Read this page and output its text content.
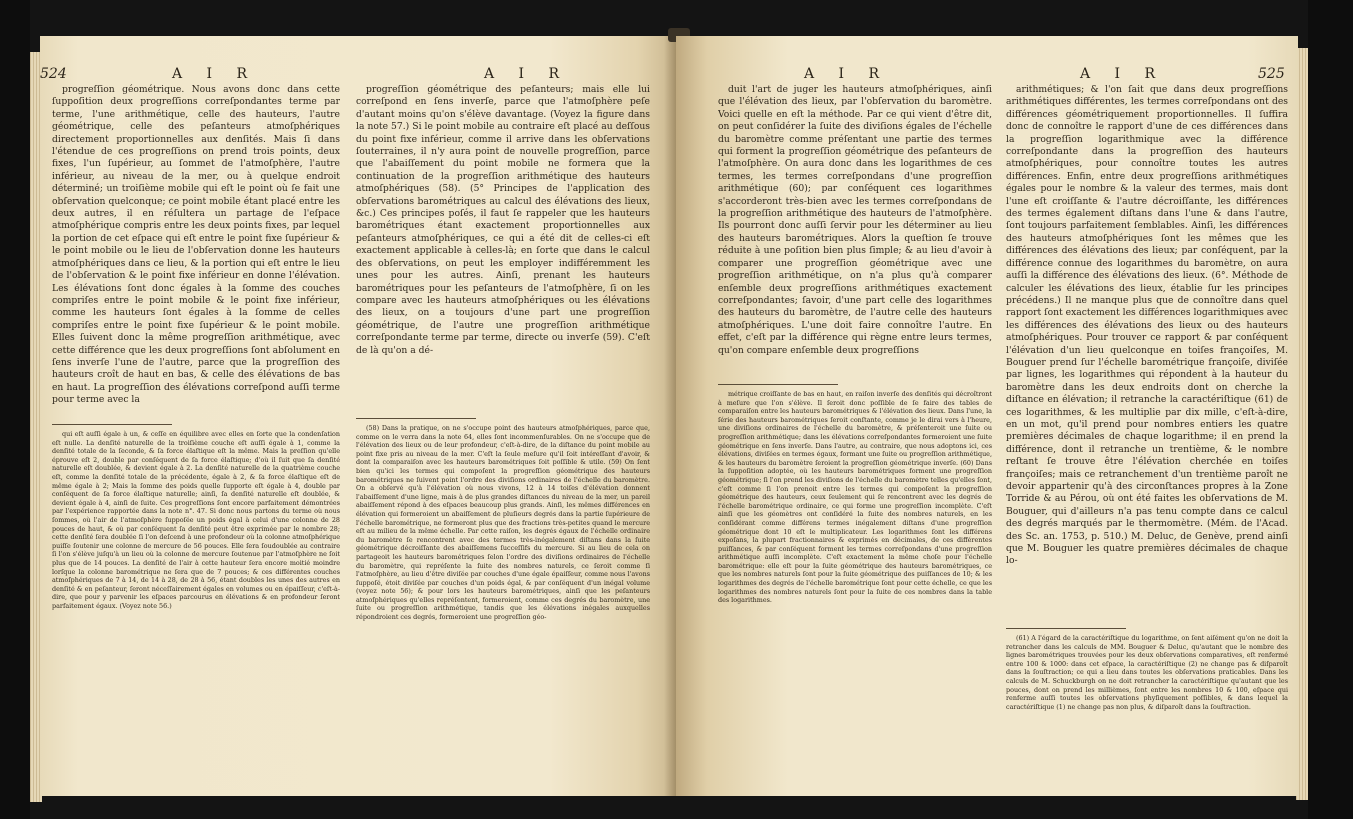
524	A I R	A I R

progreſſion géométrique. Nous avons donc dans cette ſuppoſition deux progreſſions correſpondantes terme par terme, l'une arithmétique, celle des hauteurs, l'autre géométrique, celle des peſanteurs atmoſphériques directement proportionnelles aux denſités. Mais ſi dans l'étendue de ces progreſſions on prend trois points, deux fixes, l'un ſupérieur, au ſommet de l'atmoſphère, l'autre inférieur, au niveau de la mer, ou à quelque endroit déterminé; un troiſième mobile qui eſt le point où ſe fait une obſervation quelconque; ce point mobile étant placé entre les deux autres, il en réſultera un partage de l'eſpace atmoſphérique compris entre les deux points fixes, par lequel la portion de cet eſpace qui eſt entre le point fixe ſupérieur & le point mobile ou le lieu de l'obſervation donne les hauteurs atmoſphériques dans ce lieu, & la portion qui eſt entre le lieu de l'obſervation & le point fixe inférieur en donne l'élévation. Les élévations ſont donc égales à la ſomme des couches compriſes entre le point mobile & le point fixe inférieur, comme les hauteurs ſont égales à la ſomme de celles compriſes entre le point fixe ſupérieur & le point mobile. Elles ſuivent donc la même progreſſion arithmétique, avec cette différence que les deux progreſſions ſont abſolument en ſens inverſe l'une de l'autre, parce que la progreſſion des hauteurs croît de haut en bas, & celle des élévations de bas en haut. La progreſſion des élévations correſpond auſſi terme pour terme avec la

qui eſt auſſi égale à un, & ceſſe en équilibre avec elles en ſorte que la condenſation eſt nulle. La denſité naturelle de la troiſième couche eſt auſſi égale à 1, comme la denſité totale de la ſeconde, & ſa force élaſtique eſt la même. Mais la preſſion qu'elle éprouve eſt 2, double par conſéquent de ſa force élaſtique; d'où il ſuit que ſa denſité naturelle eſt doublée, & devient égale à 2. La denſité naturelle de la quatrième couche eſt, comme la denſité totale de la précédente, égale à 2, & ſa force élaſtique eſt de même égale à 2; Mais la ſomme des poids quelle ſupporte eſt égale à 4, double par conſéquent de ſa force élaſtique naturelle; ainſi, ſa denſité naturelle eſt doublée, & devient égale à 4, ainſi de ſuite. Ces progreſſions ſont encore parfaitement démontrées par l'expérience rapportée dans la note n°. 47. Si donc nous partons du terme où nous ſommes, où l'air de l'atmoſphère ſuppoſée un poids égal à celui d'une colonne de 28 pouces de haut, & où par conſéquent ſa denſité peut être exprimée par le nombre 28; cette denſité ſera doublée ſi l'on deſcend à une profondeur où la colonne atmoſphérique puiſſe ſoutenir une colonne de mercure de 56 pouces. Elle ſera ſoudoublée au contraire ſi l'on s'élève juſqu'à un lieu où la colonne de mercure ſoutenue par l'atmoſphère ne ſoit plus que de 14 pouces. La denſité de l'air à cette hauteur ſera encore moitié moindre lorſque la colonne barométrique ne ſera que de 7 pouces; & ces différentes couches atmoſphériques de 7 à 14, de 14 à 28, de 28 à 56, étant doubles les unes des autres en denſité & en peſanteur, ſeront néceſſairement égales en volumes ou en épaiſſeur, c'eſt-à-dire, que pour y parvenir les eſpaces parcourus en élévations & en profondeur ſeront parfaitement égaux. (Voyez note 56.)

progreſſion géométrique des peſanteurs; mais elle lui correſpond en ſens inverſe, parce que l'atmoſphère peſe d'autant moins qu'on s'élève davantage. (Voyez la figure dans la note 57.) Si le point mobile au contraire eſt placé au deſſous du point fixe inférieur, comme il arrive dans les obſervations ſouterraines, il n'y aura point de nouvelle progreſſion, parce que l'abaiſſement du point mobile ne formera que la continuation de la progreſſion arithmétique des hauteurs atmoſphériques (58). (5° Principes de l'application des obſervations barométriques au calcul des élévations des lieux, &c.) Ces principes poſés, il faut ſe rappeler que les hauteurs barométriques étant exactement proportionnelles aux peſanteurs atmoſphériques, ce qui a été dit de celles-ci eſt exactement applicable à celles-là; en ſorte que dans le calcul des obſervations, on peut les employer indifféremment les unes pour les autres. Ainſi, prenant les hauteurs barométriques pour les peſanteurs de l'atmoſphère, ſi on les compare avec les hauteurs atmoſphériques ou les élévations des lieux, on a toujours d'une part une progreſſion géométrique, de l'autre une progreſſion arithmétique correſpondante terme par terme, directe ou inverſe (59). C'eſt de là qu'on a dé-

(58) Dans la pratique, on ne s'occupe point des hauteurs atmoſphériques, parce que, comme on le verra dans la note 64, elles ſont incommenſurables. On ne s'occupe que de l'élévation des lieux ou de leur profondeur, c'eſt-à-dire, de la diſtance du point mobile au point fixe pris au niveau de la mer. C'eſt la ſeule meſure qu'il ſoit intéreſſant d'avoir, & dont la comparaiſon avec les hauteurs barométriques ſoit poſſible & utile. (59) On ſent bien qu'ici les termes qui compoſent la progreſſion géométrique des hauteurs barométriques ne ſuivent point l'ordre des diviſions ordinaires de l'échelle du baromètre. On a obſervé qu'à l'élévation où nous vivons, 12 à 14 toiſes d'élévation donnent l'abaiſſement d'une ligne, mais à de plus grandes diſtances du niveau de la mer, un pareil abaiſſement répond à des eſpaces beaucoup plus grands. Ainſi, les mêmes différences en élévation qui formeroient un abaiſſement de pluſieurs degrés dans la partie ſupérieure de l'échelle barométrique, ne formeront plus que des fractions très-petites quand le mercure eſt au milieu de la même échelle. Par cette raiſon, les degrés égaux de l'échelle ordinaire du baromètre ſe rencontrent avec des termes très-inégalement diſtans dans la ſuite géométrique décroiſſante des abaiſſemens ſucceſſifs du mercure. Si au lieu de cela on partageoit les hauteurs barométriques ſelon l'ordre des diviſions ordinaires de l'échelle du baromètre, qui repréſente la ſuite des nombres naturels, ce ſeroit comme ſi l'atmoſphère, au lieu d'être diviſée par couches d'une égale épaiſſeur, comme nous l'avons ſuppoſé, étoit diviſée par couches d'un poids égal, & par conſéquent d'un inégal volume (voyez note 56); & pour lors les hauteurs barométriques, ainſi que les peſanteurs atmoſphériques qu'elles repréſentent, formeroient, comme ces degrés du baromètre, une ſuite ou progreſſion arithmétique, tandis que les élévations inégales auxquelles répondroient ces degrés, formeroient une progreſſion géo-

A I R	A I R	525

duit l'art de juger les hauteurs atmoſphériques, ainſi que l'élévation des lieux, par l'obſervation du baromètre. Voici quelle en eſt la méthode. Par ce qui vient d'être dit, on peut conſidérer la ſuite des diviſions égales de l'échelle du baromètre comme préſentant une partie des termes qui forment la progreſſion géométrique des peſanteurs de l'atmoſphère. On aura donc dans les logarithmes de ces termes, les termes correſpondans d'une progreſſion arithmétique (60); par conſéquent ces logarithmes s'accorderont très-bien avec les termes correſpondans de la progreſſion arithmétique des hauteurs de l'atmoſphère. Ils pourront donc auſſi ſervir pour les déterminer au lieu des hauteurs barométriques. Alors la queſtion ſe trouve réduite à une poſition bien plus ſimple; & au lieu d'avoir à comparer une progreſſion géométrique avec une progreſſion arithmétique, on n'a plus qu'à comparer enſemble deux progreſſions arithmétiques exactement correſpondantes; ſavoir, d'une part celle des logarithmes des hauteurs du baromètre, de l'autre celle des hauteurs atmoſphériques. L'une doit faire connoître l'autre. En effet, c'eſt par la différence qui règne entre leurs termes, qu'on compare enſemble deux progreſſions

métrique croiſſante de bas en haut, en raiſon inverſe des denſités qui décroîtront à meſure que l'on s'élève. Il ſeroit donc poſſible de ſe faire des tables de comparaiſon entre les hauteurs barométriques & l'élévation des lieux. Dans l'une, la ſérie des hauteurs barométriques ſeroit conſtante, comme je le dirai vers à l'heure, une diviſions ordinaires de l'échelle du baromètre, & préſenteroit une ſuite ou progreſſion arithmétique; dans les élévations correſpondantes formeroient une ſuite géométrique en ſens inverſe. Dans l'autre, au contraire, que nous adoptons ici, ces élévations, diviſées en termes égaux, formant une ſuite ou progreſſion arithmétique, & les hauteurs du baromètre ſeroient la progreſſion géométrique inverſe. (60) Dans la ſuppoſition adoptée, où les hauteurs barométriques forment une progreſſion géométrique; ſi l'on prend les diviſions de l'échelle du baromètre telles qu'elles ſont, c'eſt comme ſi l'on prenoit entre les termes qui compoſent la progreſſion géométrique des hauteurs, ceux ſeulement qui ſe rencontrent avec les degrés de l'échelle barométrique ordinaire, ce qui forme une progreſſion incomplète. C'eſt ainſi que les géomètres ont conſidéré la ſuite des nombres naturels, en les conſidérant comme différens termes inégalement diſtans d'une progreſſion géométrique dont 10 eſt le multiplicateur. Les logarithmes ſont les différens expoſans, la plupart fractionnaires & exprimés en décimales, de ces différentes puiſſances, & par conſéquent forment les termes correſpondans d'une progreſſion arithmétique auſſi incomplète. C'eſt exactement la même choſe pour l'échelle barométrique: elle eſt pour la ſuite géométrique des hauteurs barométriques, ce que les nombres naturels ſont pour la ſuite géométrique des puiſſances de 10; & les logarithmes des degrés de l'échelle barométrique ſont pour cette échelle, ce que les logarithmes des nombres naturels ſont pour la ſuite de ces nombres dans la table des logarithmes.

arithmétiques; & l'on ſait que dans deux progreſſions arithmétiques différentes, les termes correſpondans ont des différences géométriquement proportionnelles. Il ſuffira donc de connoître le rapport d'une de ces différences dans la progreſſion logarithmique avec la différence correſpondante dans la progreſſion des hauteurs atmoſphériques, pour connoître toutes les autres différences. Enfin, entre deux progreſſions arithmétiques égales pour le nombre & la valeur des termes, mais dont l'une eſt croiſſante & l'autre décroiſſante, les différences des termes également diſtans dans l'une & dans l'autre, ſont toujours parfaitement ſemblables. Ainſi, les différences des hauteurs atmoſphériques ſont les mêmes que les différences des élévations des lieux; par conſéquent, par la différence connue des logarithmes du baromètre, on aura auſſi la différence des élévations des lieux. (6°. Méthode de calculer les élévations des lieux, établie ſur les principes précédens.) Il ne manque plus que de connoître dans quel rapport ſont exactement les différences logarithmiques avec les différences des élévations des lieux ou des hauteurs atmoſphériques. Pour trouver ce rapport & par conſéquent l'élévation d'un lieu quelconque en toiſes françoiſes, M. Bouguer prend ſur l'échelle barométrique françoiſe, diviſée par lignes, les logarithmes qui répondent à la hauteur du baromètre dans les deux endroits dont on cherche la diſtance en élévation; il retranche la caractériſtique (61) de ces logarithmes, & les multiplie par dix mille, c'eſt-à-dire, en un mot, qu'il prend pour nombres entiers les quatre premières décimales de chaque logarithme; il en prend la différence, dont il retranche un trentième, & le nombre reſtant ſe trouve être l'élévation cherchée en toiſes françoiſes; mais ce retranchement d'un trentième paroît ne devoir appartenir qu'à des circonſtances propres à la Zone Torride & au Pérou, où ont été faites les obſervations de M. Bouguer, qui d'ailleurs n'a pas tenu compte dans ce calcul des degrés marqués par le thermomètre. (Mém. de l'Acad. des Sc. an. 1753, p. 510.) M. Deluc, de Genève, prend ainſi que M. Bouguer les quatre premières décimales de chaque lo-

(61) A l'égard de la caractériſtique du logarithme, on ſent aiſément qu'on ne doit la retrancher dans les calculs de MM. Bouguer & Deluc, qu'autant que le nombre des lignes barométriques trouvées pour les deux obſervations comparatives, eſt renfermé entre 100 & 1000: dans cet eſpace, la caractériſtique (2) ne change pas & diſparoît dans la ſouſtraction; ce qui a lieu dans toutes les obſervations praticables. Dans les calculs de M. Schuckburgh on ne doit retrancher la caractériſtique qu'autant que les pouces, dont on prend les millièmes, ſont entre les nombres 10 & 100, eſpace qui renferme auſſi toutes les obſervations phyſiquement poſſibles, & dans lequel la caractériſtique (1) ne change pas non plus, & diſparoît dans la ſouſtraction.
